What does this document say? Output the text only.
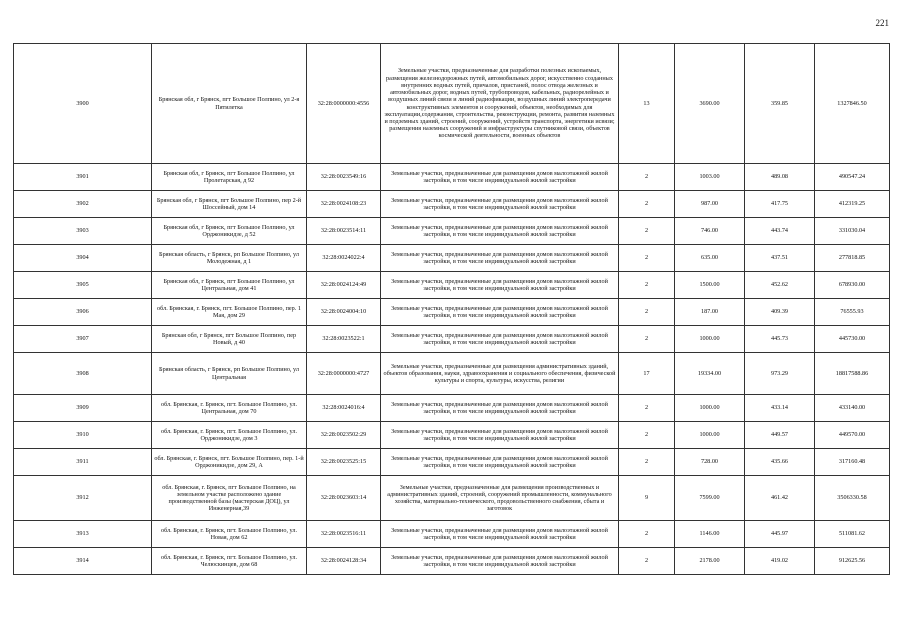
221
3900	Брянская обл, г Брянск, пгт Большое Полпино, ул 2-я Пятилетка	32:28:0000000:4556	Земельные участки, предназначенные для разработки полезных ископаемых, размещения железнодорожных путей, автомобильных дорог, искусственно созданных внутренних водных путей, причалов, пристаней, полос отвода железных и автомобильных дорог, водных путей, трубопроводов, кабельных, радиорелейных и воздушных линий связи и линий радиофикации, воздушных линий электропередачи конструктивных элементов и сооружений, объектов, необходимых для эксплуатации,содержания, строительства, реконструкции, ремонта, развития наземных и подземных зданий, строений, сооружений, устройств транспорта, энергетики иcвязи; размещения наземных сооружений и инфраструктуры спутниковой связи, объектов космической деятельности, военных объектов	13	3690.00	359.85	1327846.50
3901	Брянская обл, г Брянск, пгт Большое Полпино, ул Пролетарская, д 92	32:28:0023549:16	Земельные участки, предназначенные для размещения домов малоэтажной жилой застройки, в том числе индивидуальной жилой застройки	2	1003.00	489.08	490547.24
3902	Брянская обл, г Брянск, пгт Большое Полпино, пер 2-й Шоссейный, дом 14	32:28:0024108:23	Земельные участки, предназначенные для размещения домов малоэтажной жилой застройки, в том числе индивидуальной жилой застройки	2	987.00	417.75	412319.25
3903	Брянская обл, г Брянск, пгт Большое Полпино, ул Орджоникидзе, д 52	32:28:0023514:11	Земельные участки, предназначенные для размещения домов малоэтажной жилой застройки, в том числе индивидуальной жилой застройки	2	746.00	443.74	331030.04
3904	Брянская область, г Брянск, рп Большое Полпино, ул Молодежная, д 1	32:28:0024022:4	Земельные участки, предназначенные для размещения домов малоэтажной жилой застройки, в том числе индивидуальной жилой застройки	2	635.00	437.51	277818.85
3905	Брянская обл, г Брянск, пгт Большое Полпино, ул Центральная, дом 41	32:28:0024124:49	Земельные участки, предназначенные для размещения домов малоэтажной жилой застройки, в том числе индивидуальной жилой застройки	2	1500.00	452.62	678930.00
3906	обл. Брянская, г. Брянск, пгт. Большое Полпино, пер. 1 Мая, дом 29	32:28:0024004:10	Земельные участки, предназначенные для размещения домов малоэтажной жилой застройки, в том числе индивидуальной жилой застройки	2	187.00	409.39	76555.93
3907	Брянская обл, г Брянск, пгт Большое Полпино, пер Новый, д 40	32:28:0023522:1	Земельные участки, предназначенные для размещения домов малоэтажной жилой застройки, в том числе индивидуальной жилой застройки	2	1000.00	445.73	445730.00
3908	Брянская область, г Брянск, рп Большое Полпино, ул Центральная	32:28:0000000:4727	Земельные участки, предназначенные для размещения административных зданий, объектов образования, науки, здравоохранения и социального обеспечения, физической культуры и спорта, культуры, искусства, религии	17	19334.00	973.29	18817588.86
3909	обл. Брянская, г. Брянск, пгт. Большое Полпино, ул. Центральная, дом 70	32:28:0024016:4	Земельные участки, предназначенные для размещения домов малоэтажной жилой застройки, в том числе индивидуальной жилой застройки	2	1000.00	433.14	433140.00
3910	обл. Брянская, г. Брянск, пгт. Большое Полпино, ул. Орджоникидзе, дом 3	32:28:0023502:29	Земельные участки, предназначенные для размещения домов малоэтажной жилой застройки, в том числе индивидуальной жилой застройки	2	1000.00	449.57	449570.00
3911	обл. Брянская, г. Брянск, пгт. Большое Полпино, пер. 1-й Орджоникидзе, дом 29, А	32:28:0023525:15	Земельные участки, предназначенные для размещения домов малоэтажной жилой застройки, в том числе индивидуальной жилой застройки	2	728.00	435.66	317160.48
3912	обл. Брянская, г. Брянск, пгт Большое Полпино, на земельном участке расположено здание производственной базы (мастерская ДОЦ), ул Инженерная,39	32:28:0023603:14	Земельные участки, предназначенные для размещения производственных и административных зданий, строений, сооружений промышленности, коммунального хозяйства, материально-технического, продовольственного снабжения, сбыта и заготовок	9	7599.00	461.42	3506330.58
3913	обл. Брянская, г. Брянск, пгт. Большое Полпино, ул. Новая, дом 62	32:28:0023516:11	Земельные участки, предназначенные для размещения домов малоэтажной жилой застройки, в том числе индивидуальной жилой застройки	2	1146.00	445.97	511081.62
3914	обл. Брянская, г. Брянск, пгт. Большое Полпино, ул. Челюскинцев, дом 68	32:28:0024128:34	Земельные участки, предназначенные для размещения домов малоэтажной жилой застройки, в том числе индивидуальной жилой застройки	2	2178.00	419.02	912625.56
